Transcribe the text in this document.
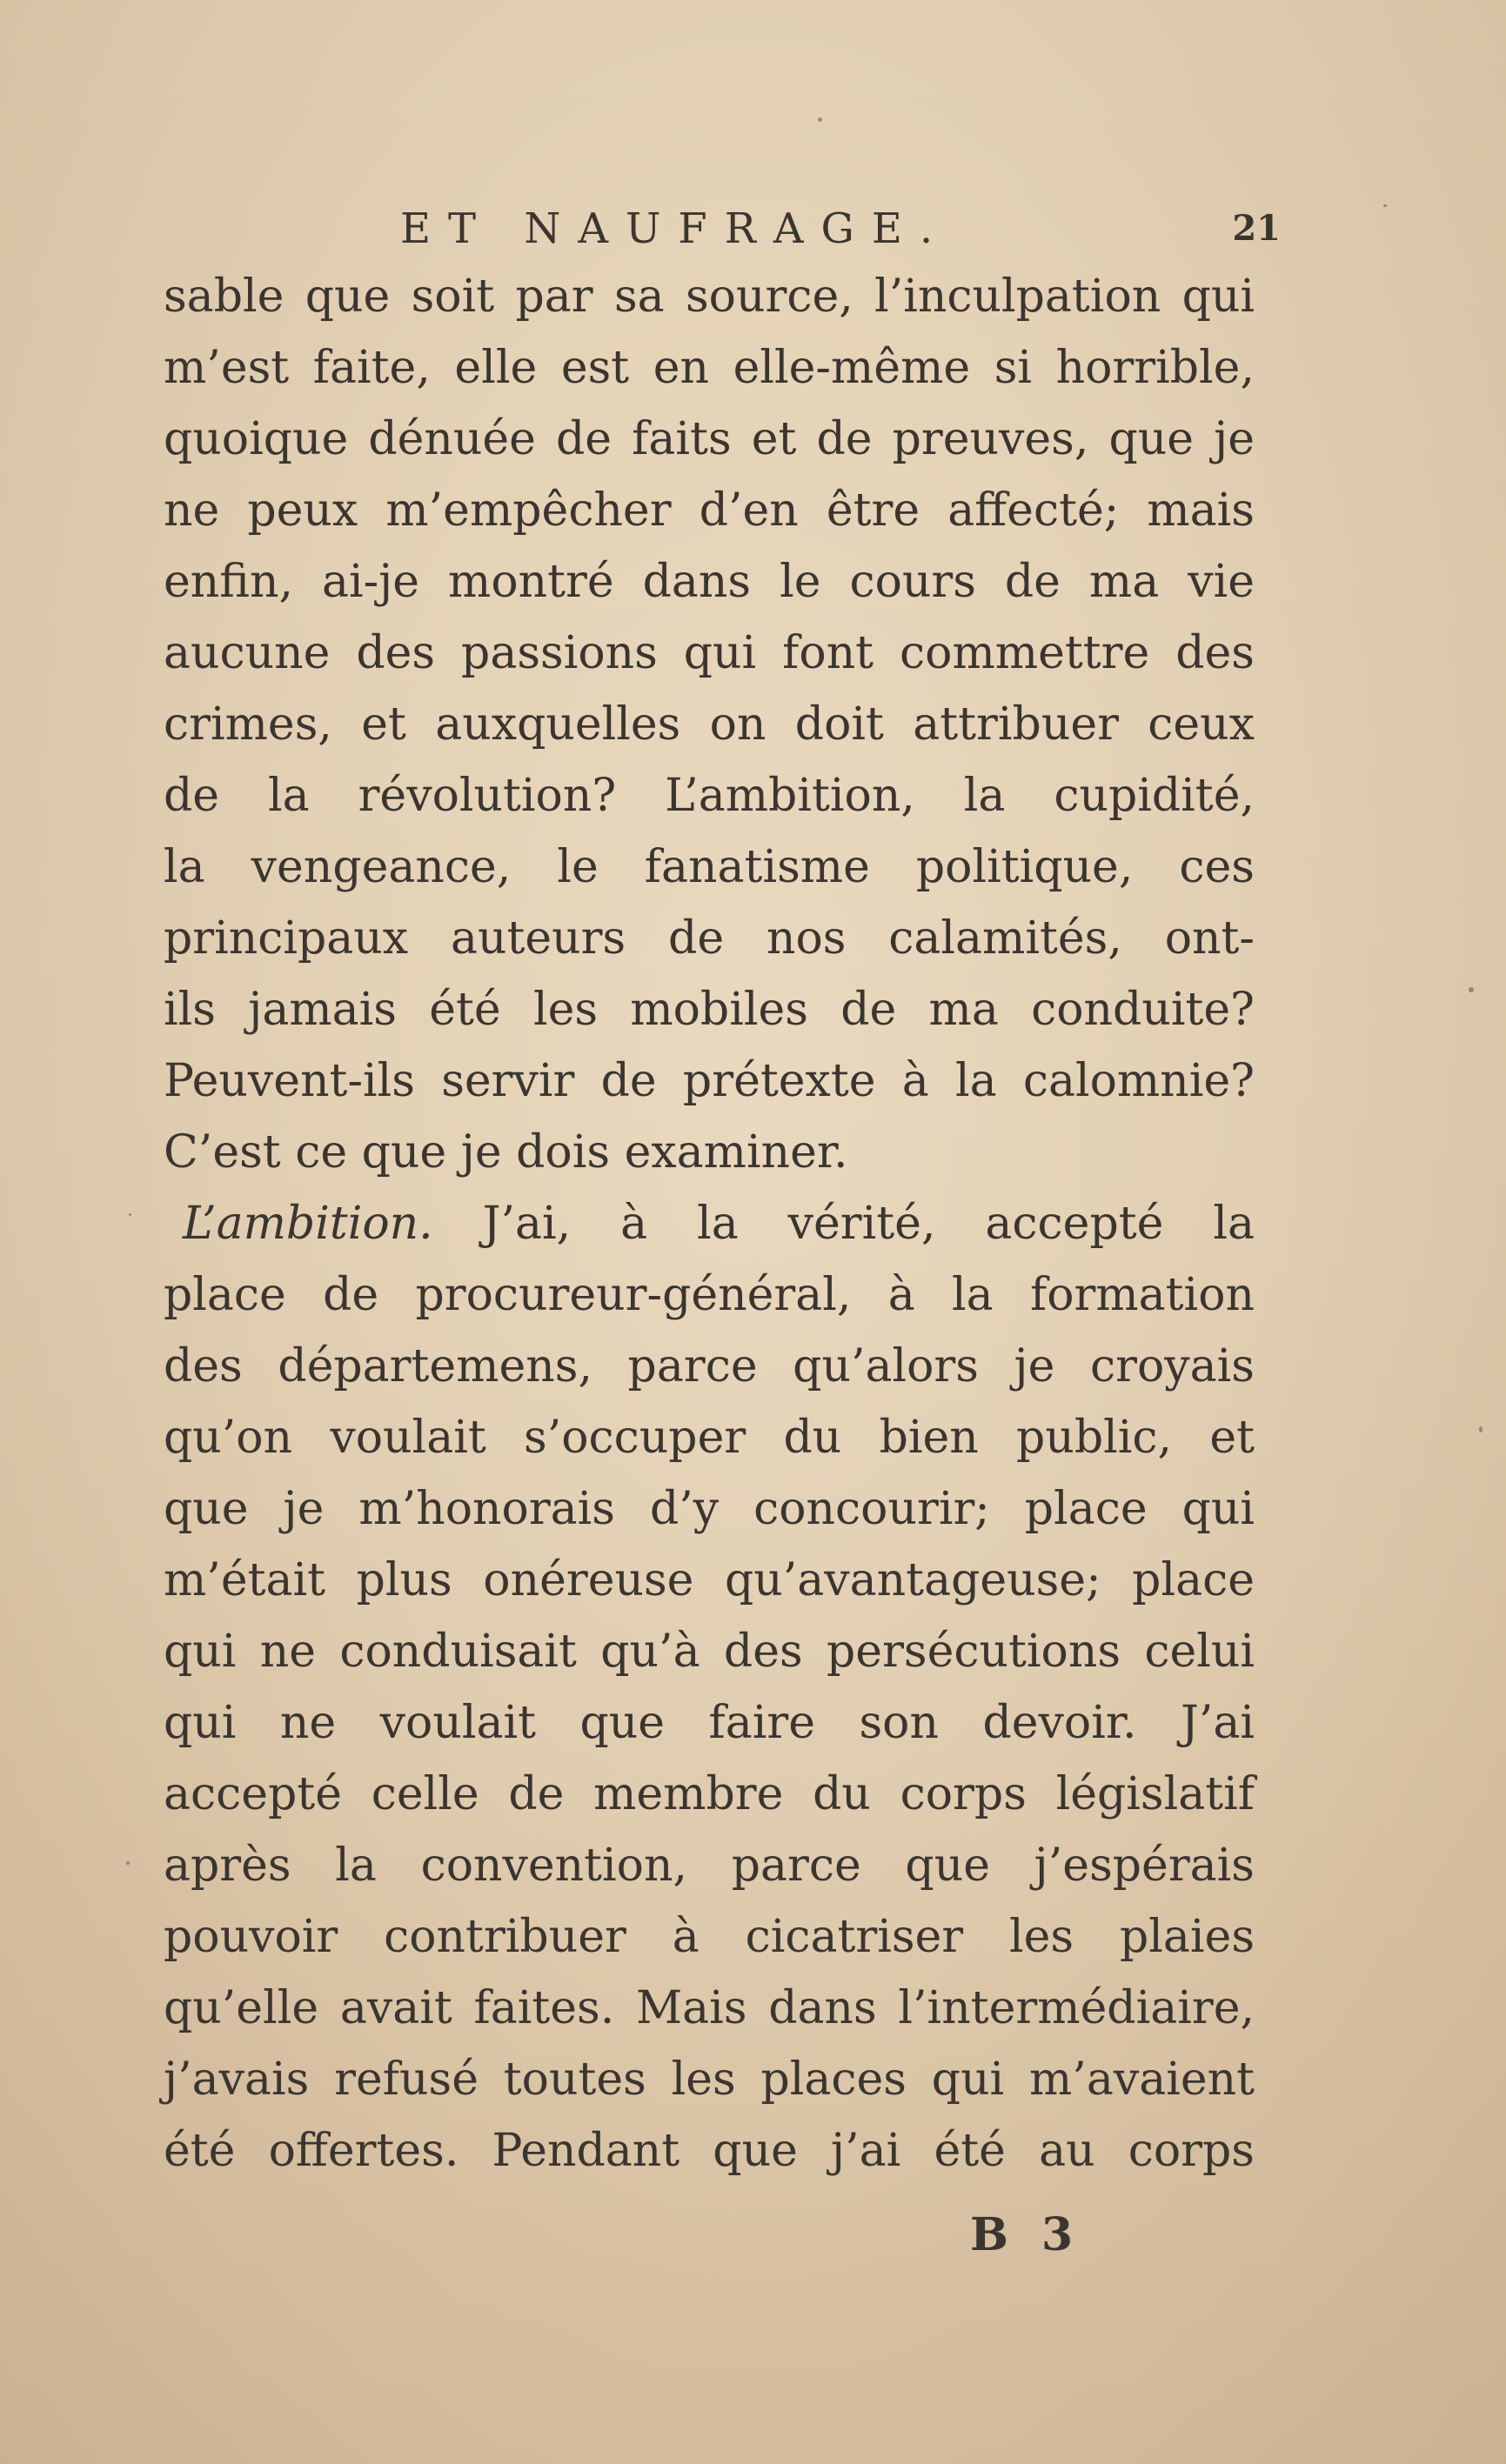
ET NAUFRAGE.	21
sable que soit par sa source, l’inculpation qui
m’est faite, elle est en elle-même si horrible,
quoique dénuée de faits et de preuves, que je
ne peux m’empêcher d’en être affecté; mais
enfin, ai-je montré dans le cours de ma vie
aucune des passions qui font commettre des
crimes, et auxquelles on doit attribuer ceux
de la révolution? L’ambition, la cupidité,
la vengeance, le fanatisme politique, ces
principaux auteurs de nos calamités, ont-
ils jamais été les mobiles de ma conduite?
Peuvent-ils servir de prétexte à la calomnie?
C’est ce que je dois examiner.
L’ambition. J’ai, à la vérité, accepté la
place de procureur-général, à la formation
des départemens, parce qu’alors je croyais
qu’on voulait s’occuper du bien public, et
que je m’honorais d’y concourir; place qui
m’était plus onéreuse qu’avantageuse; place
qui ne conduisait qu’à des persécutions celui
qui ne voulait que faire son devoir. J’ai
accepté celle de membre du corps législatif
après la convention, parce que j’espérais
pouvoir contribuer à cicatriser les plaies
qu’elle avait faites. Mais dans l’intermédiaire,
j’avais refusé toutes les places qui m’avaient
été offertes. Pendant que j’ai été au corps
B 3
